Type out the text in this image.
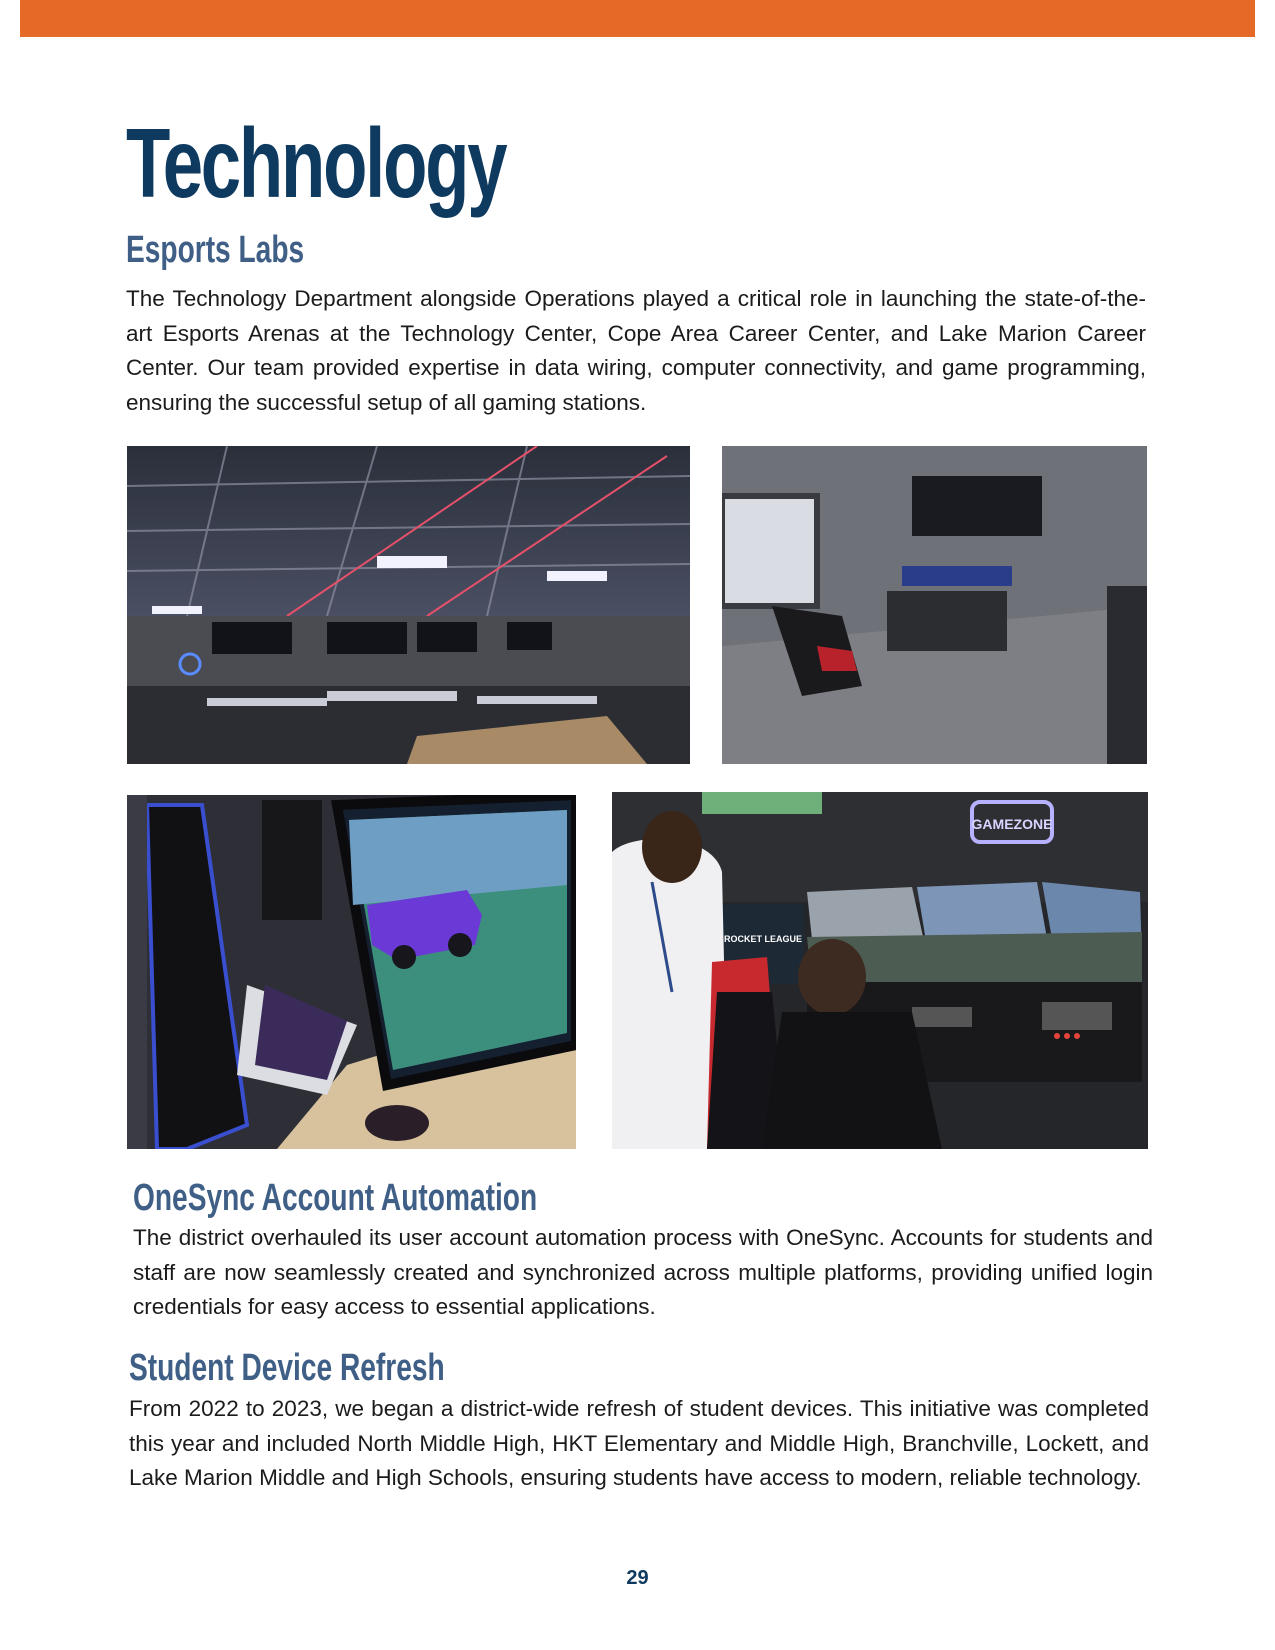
Technology
Esports Labs

The Technology Department alongside Operations played a critical role in launching the state-of-the-art Esports Arenas at the Technology Center, Cope Area Career Center, and Lake Marion Career Center. Our team provided expertise in data wiring, computer connectivity, and game programming, ensuring the successful setup of all gaming stations.

GAMEZONE
ROCKET LEAGUE
OneSync Account Automation

The district overhauled its user account automation process with OneSync. Accounts for students and staff are now seamlessly created and synchronized across multiple platforms, providing unified login credentials for easy access to essential applications.

Student Device Refresh

From 2022 to 2023, we began a district-wide refresh of student devices. This initiative was completed this year and included North Middle High, HKT Elementary and Middle High, Branchville, Lockett, and Lake Marion Middle and High Schools, ensuring students have access to modern, reliable technology.

29
